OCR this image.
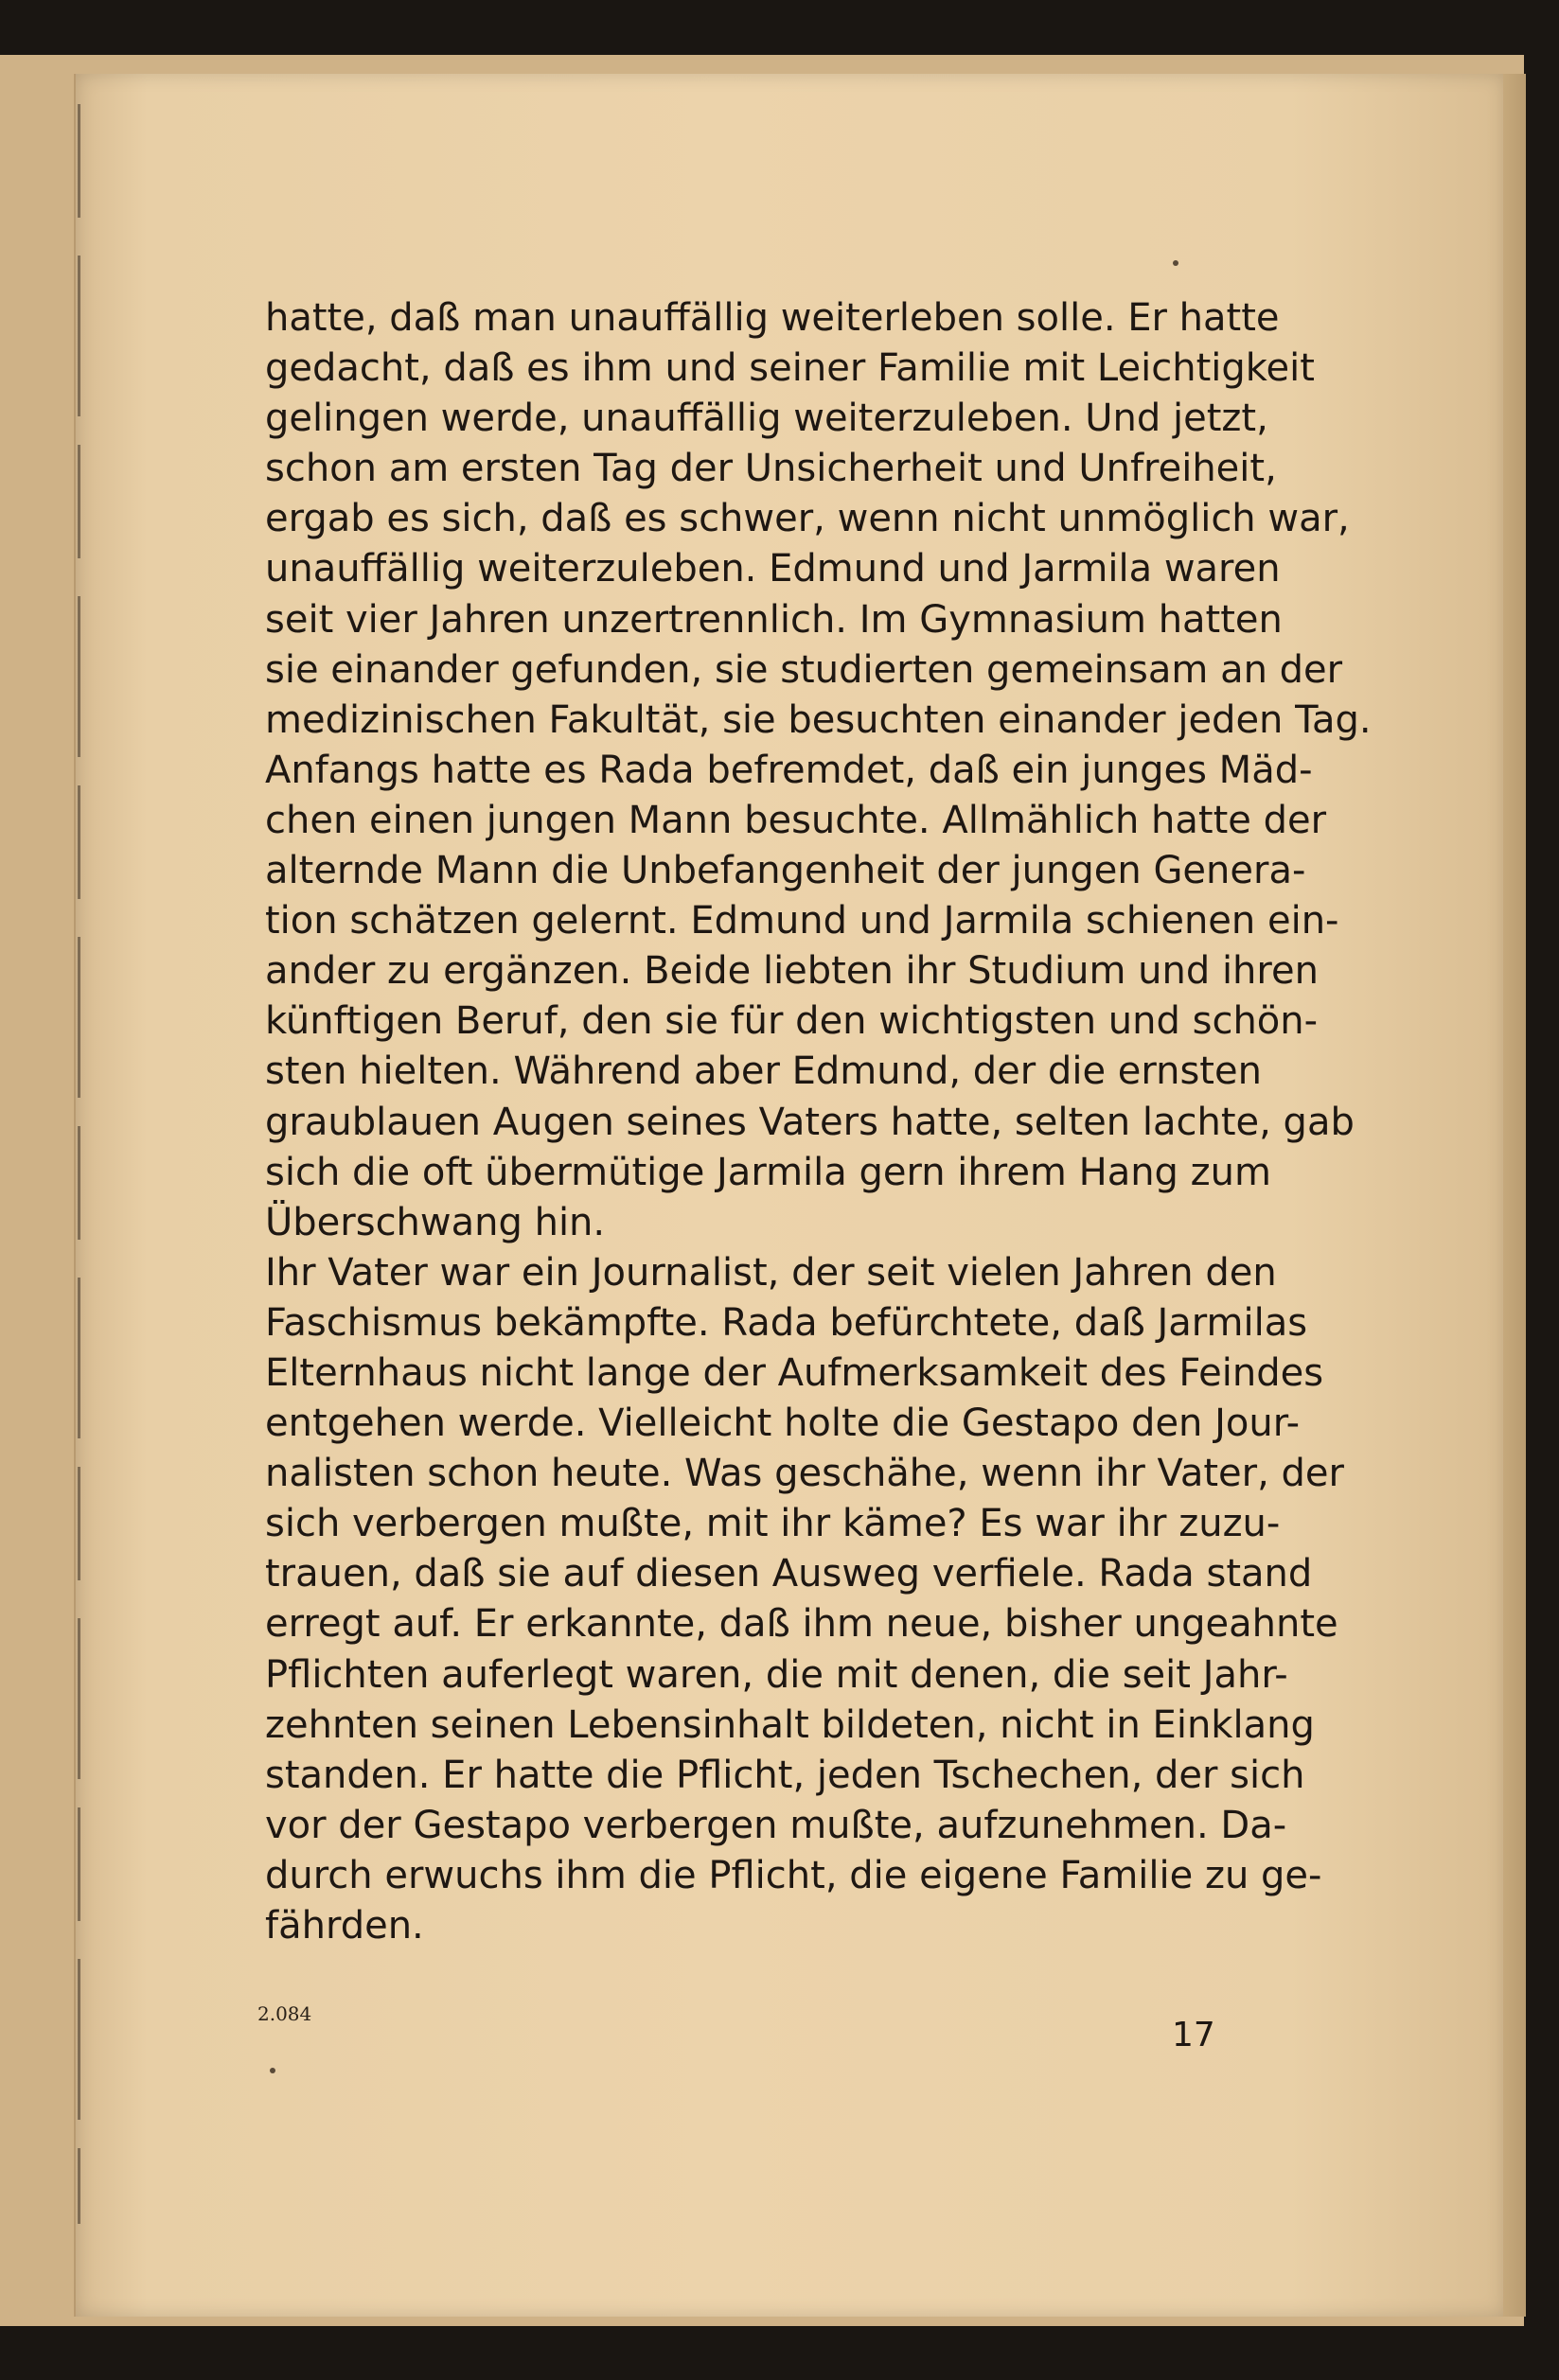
hatte, daß man unauffällig weiterleben solle. Er hatte
gedacht, daß es ihm und seiner Familie mit Leichtigkeit
gelingen werde, unauffällig weiterzuleben. Und jetzt,
schon am ersten Tag der Unsicherheit und Unfreiheit,
ergab es sich, daß es schwer, wenn nicht unmöglich war,
unauffällig weiterzuleben. Edmund und Jarmila waren
seit vier Jahren unzertrennlich. Im Gymnasium hatten
sie einander gefunden, sie studierten gemeinsam an der
medizinischen Fakultät, sie besuchten einander jeden Tag.
Anfangs hatte es Rada befremdet, daß ein junges Mäd-
chen einen jungen Mann besuchte. Allmählich hatte der
alternde Mann die Unbefangenheit der jungen Genera-
tion schätzen gelernt. Edmund und Jarmila schienen ein-
ander zu ergänzen. Beide liebten ihr Studium und ihren
künftigen Beruf, den sie für den wichtigsten und schön-
sten hielten. Während aber Edmund, der die ernsten
graublauen Augen seines Vaters hatte, selten lachte, gab
sich die oft übermütige Jarmila gern ihrem Hang zum
Überschwang hin.
Ihr Vater war ein Journalist, der seit vielen Jahren den
Faschismus bekämpfte. Rada befürchtete, daß Jarmilas
Elternhaus nicht lange der Aufmerksamkeit des Feindes
entgehen werde. Vielleicht holte die Gestapo den Jour-
nalisten schon heute. Was geschähe, wenn ihr Vater, der
sich verbergen mußte, mit ihr käme? Es war ihr zuzu-
trauen, daß sie auf diesen Ausweg verfiele. Rada stand
erregt auf. Er erkannte, daß ihm neue, bisher ungeahnte
Pflichten auferlegt waren, die mit denen, die seit Jahr-
zehnten seinen Lebensinhalt bildeten, nicht in Einklang
standen. Er hatte die Pflicht, jeden Tschechen, der sich
vor der Gestapo verbergen mußte, aufzunehmen. Da-
durch erwuchs ihm die Pflicht, die eigene Familie zu ge-
fährden.
2.084
17
